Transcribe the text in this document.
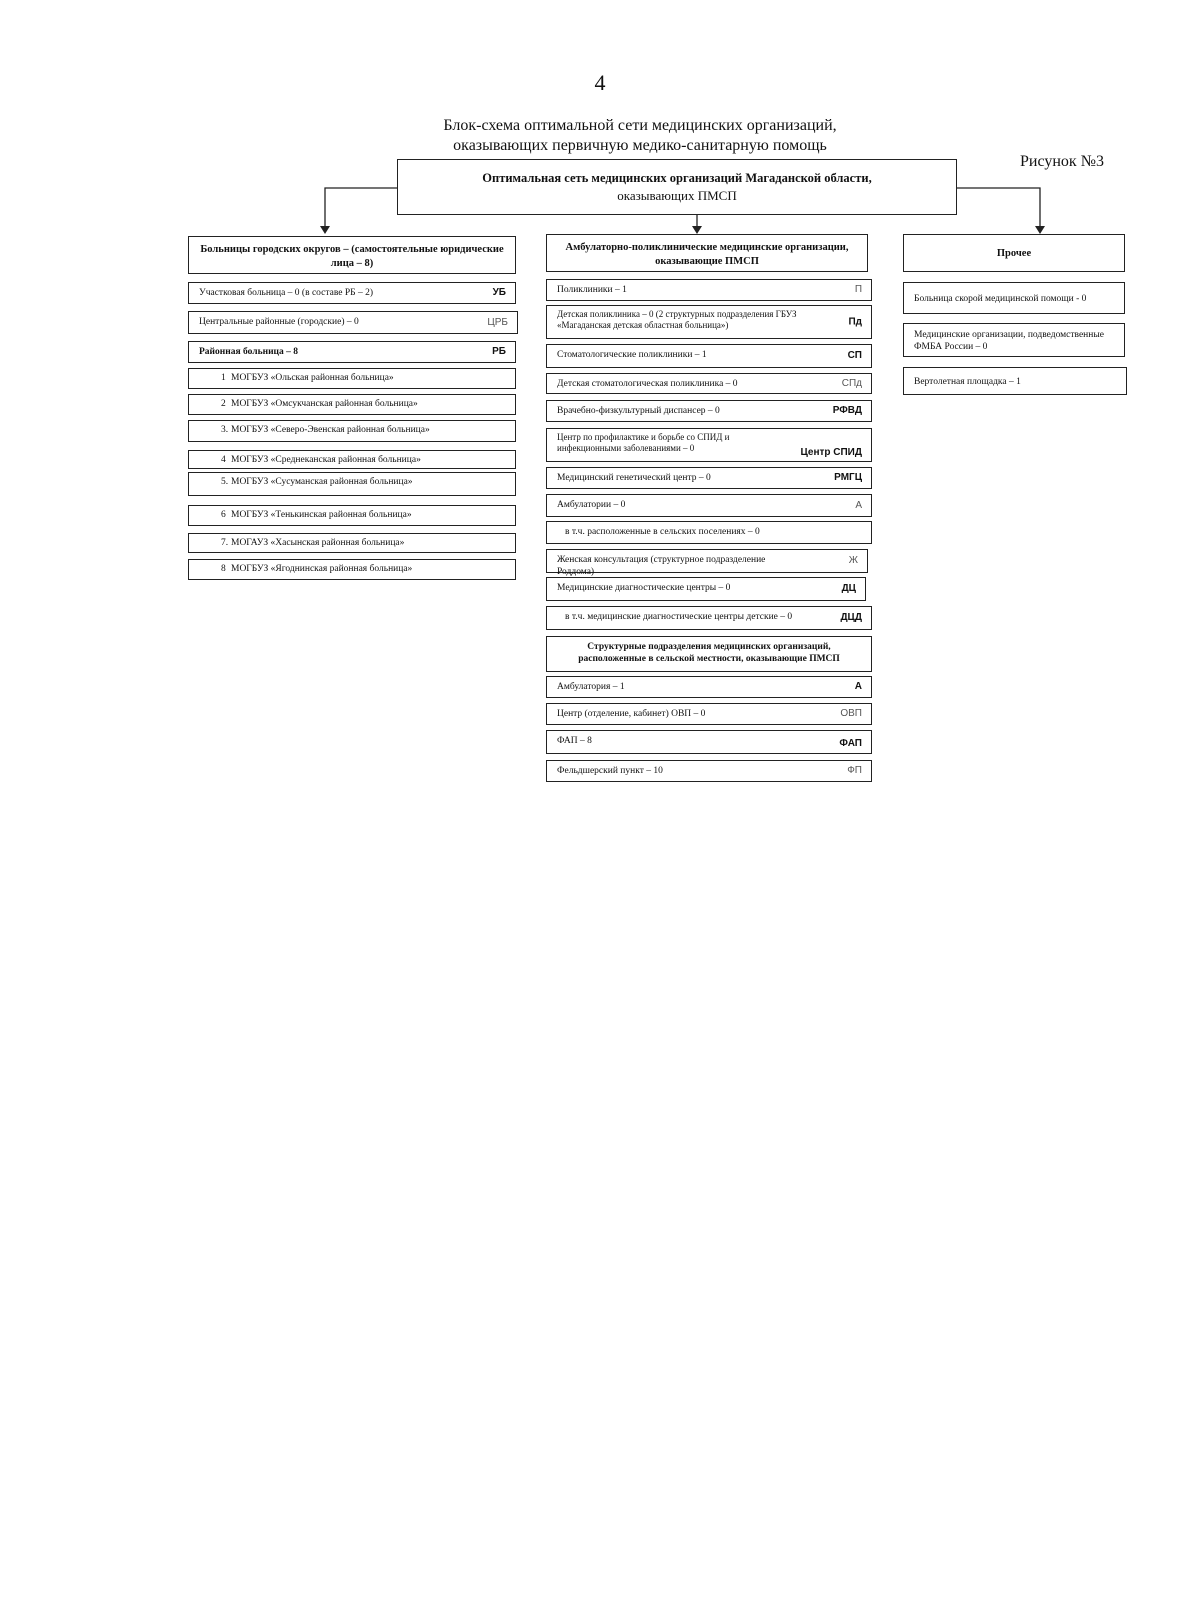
4
Блок-схема оптимальной сети медицинских организаций,
оказывающих первичную медико-санитарную помощь
Рисунок №3
Оптимальная сеть медицинских организаций Магаданской области,
оказывающих ПМСП
Больницы городских округов – (самостоятельные юридические лица – 8)
Участковая больница – 0 (в составе РБ – 2)	УБ
Центральные районные (городские) – 0	ЦРБ
Районная больница – 8	РБ
1 МОГБУЗ «Ольская районная больница»
2 МОГБУЗ «Омсукчанская районная больница»
3. МОГБУЗ «Северо-Эвенская районная больница»
4 МОГБУЗ «Среднеканская районная больница»
5. МОГБУЗ «Сусуманская районная больница»
6 МОГБУЗ «Тенькинская районная больница»
7. МОГАУЗ «Хасынская районная больница»
8 МОГБУЗ «Ягоднинская районная больница»
Амбулаторно-поликлинические медицинские организации, оказывающие ПМСП
Поликлиники – 1	П
Детская поликлиника – 0 (2 структурных подразделения ГБУЗ «Магаданская детская областная больница»)	Пд
Стоматологические поликлиники – 1	СП
Детская стоматологическая поликлиника – 0	СПд
Врачебно-физкультурный диспансер – 0	РФВД
Центр по профилактике и борьбе со СПИД и инфекционными заболеваниями – 0	Центр СПИД
Медицинский генетический центр – 0	РМГЦ
Амбулатории – 0	А
в т.ч. расположенные в сельских поселениях – 0
Женская консультация (структурное подразделение Роддома)
Ж
Медицинские диагностические центры – 0	ДЦ
в т.ч. медицинские диагностические центры детские – 0	ДЦД
Структурные подразделения медицинских организаций, расположенные в сельской местности, оказывающие ПМСП
Амбулатория – 1	А
Центр (отделение, кабинет) ОВП – 0	ОВП
ФАП – 8	ФАП
Фельдшерский пункт – 10	ФП
Прочее
Больница скорой медицинской помощи - 0
Медицинские организации, подведомственные ФМБА России – 0
Вертолетная площадка – 1
